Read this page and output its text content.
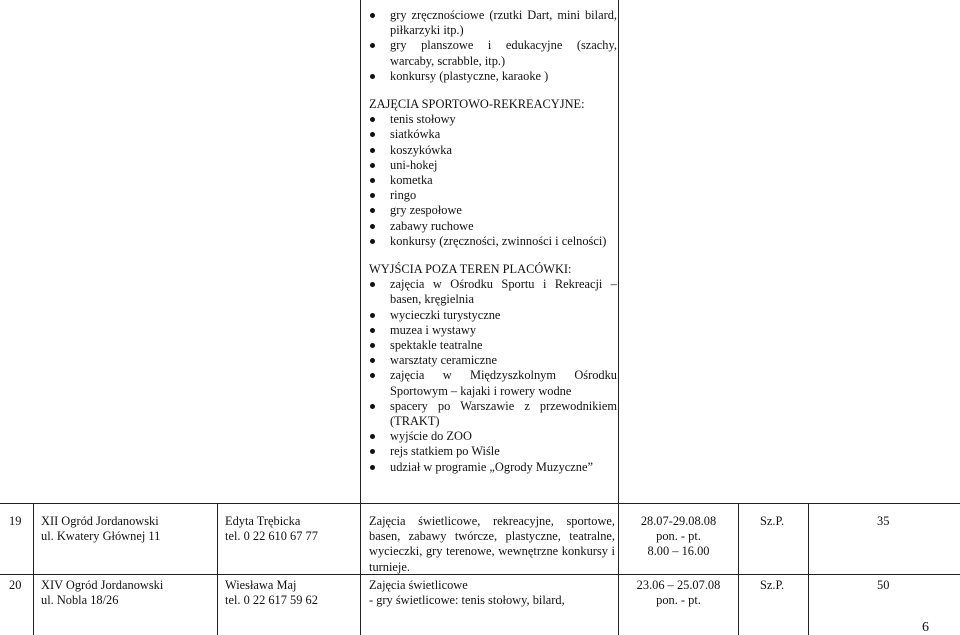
gry zręcznościowe (rzutki Dart, mini bilard, piłkarzyki itp.)
gry planszowe i edukacyjne (szachy, warcaby, scrabble, itp.)
konkursy (plastyczne, karaoke )
ZAJĘCIA SPORTOWO-REKREACYJNE:
tenis stołowy
siatkówka
koszykówka
uni-hokej
kometka
ringo
gry zespołowe
zabawy ruchowe
konkursy (zręczności, zwinności i celności)
WYJŚCIA POZA TEREN PLACÓWKI:
zajęcia w Ośrodku Sportu i Rekreacji – basen, kręgielnia
wycieczki turystyczne
muzea i wystawy
spektakle teatralne
warsztaty ceramiczne
zajęcia w Międzyszkolnym Ośrodku Sportowym – kajaki i rowery wodne
spacery po Warszawie z przewodnikiem (TRAKT)
wyjście do ZOO
rejs statkiem po Wiśle
udział w programie „Ogrody Muzyczne”
19 XII Ogród Jordanowski
ul. Kwatery Głównej 11
Edyta Trębicka
tel. 0 22 610 67 77
Zajęcia świetlicowe, rekreacyjne, sportowe, basen, zabawy twórcze, plastyczne, teatralne, wycieczki, gry terenowe, wewnętrzne konkursy i turnieje.
28.07-29.08.08
pon. - pt.
8.00 – 16.00
Sz.P.	35
20 XIV Ogród Jordanowski
ul. Nobla 18/26
Wiesława Maj
tel. 0 22 617 59 62
Zajęcia świetlicowe
- gry świetlicowe: tenis stołowy, bilard,
23.06 – 25.07.08
pon. - pt.
Sz.P.	50
6
